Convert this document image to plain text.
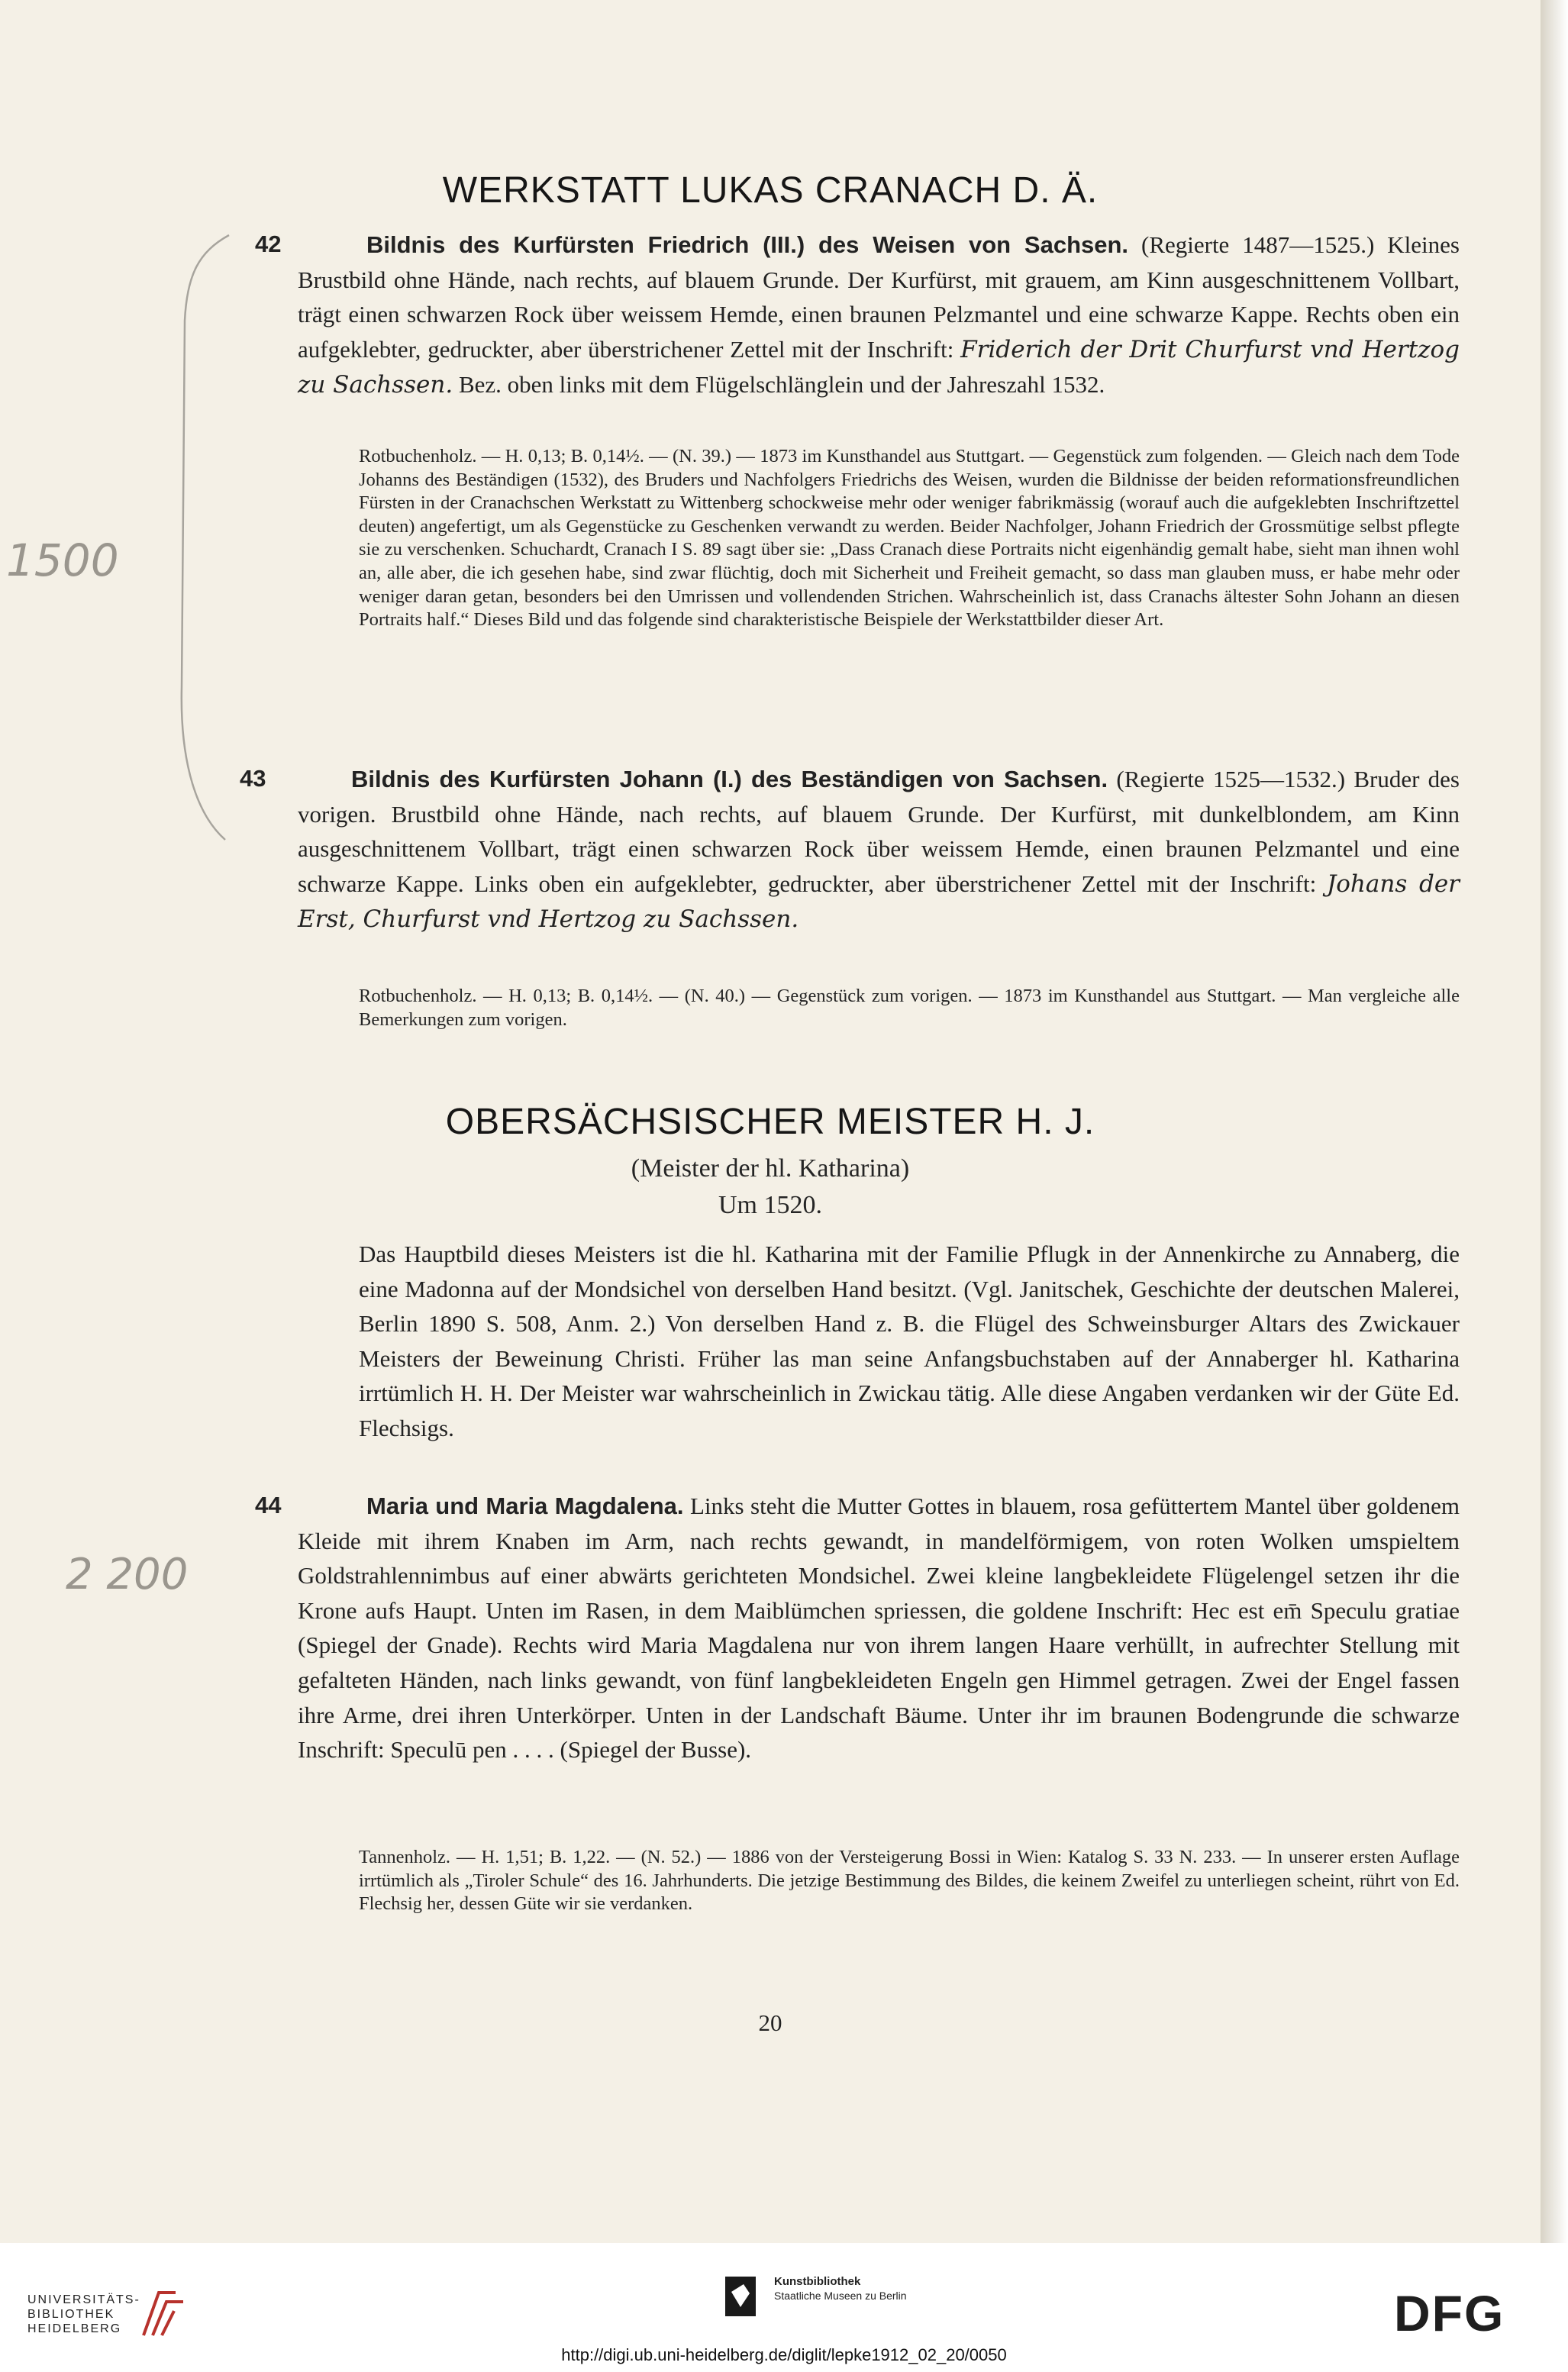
1500
2 200
WERKSTATT LUKAS CRANACH D. Ä.
42	Bildnis des Kurfürsten Friedrich (III.) des Weisen von Sachsen. (Regierte 1487—1525.) Kleines Brustbild ohne Hände, nach rechts, auf blauem Grunde. Der Kurfürst, mit grauem, am Kinn ausgeschnittenem Vollbart, trägt einen schwarzen Rock über weissem Hemde, einen braunen Pelzmantel und eine schwarze Kappe. Rechts oben ein aufgeklebter, gedruckter, aber überstrichener Zettel mit der Inschrift: Friderich der Drit Churfurst vnd Hertzog zu Sachssen. Bez. oben links mit dem Flügelschlänglein und der Jahreszahl 1532.

Rotbuchenholz. — H. 0,13; B. 0,14½. — (N. 39.) — 1873 im Kunsthandel aus Stuttgart. — Gegenstück zum folgenden. — Gleich nach dem Tode Johanns des Beständigen (1532), des Bruders und Nachfolgers Friedrichs des Weisen, wurden die Bildnisse der beiden reformationsfreundlichen Fürsten in der Cranachschen Werkstatt zu Wittenberg schockweise mehr oder weniger fabrikmässig (worauf auch die aufgeklebten Inschriftzettel deuten) angefertigt, um als Gegenstücke zu Geschenken verwandt zu werden. Beider Nachfolger, Johann Friedrich der Grossmütige selbst pflegte sie zu verschenken. Schuchardt, Cranach I S. 89 sagt über sie: „Dass Cranach diese Portraits nicht eigenhändig gemalt habe, sieht man ihnen wohl an, alle aber, die ich gesehen habe, sind zwar flüchtig, doch mit Sicherheit und Freiheit gemacht, so dass man glauben muss, er habe mehr oder weniger daran getan, besonders bei den Umrissen und vollendenden Strichen. Wahrscheinlich ist, dass Cranachs ältester Sohn Johann an diesen Portraits half.“ Dieses Bild und das folgende sind charakteristische Beispiele der Werkstattbilder dieser Art.

43	Bildnis des Kurfürsten Johann (I.) des Beständigen von Sachsen. (Regierte 1525—1532.) Bruder des vorigen. Brustbild ohne Hände, nach rechts, auf blauem Grunde. Der Kurfürst, mit dunkelblondem, am Kinn ausgeschnittenem Vollbart, trägt einen schwarzen Rock über weissem Hemde, einen braunen Pelzmantel und eine schwarze Kappe. Links oben ein aufgeklebter, gedruckter, aber überstrichener Zettel mit der Inschrift: Johans der Erst, Churfurst vnd Hertzog zu Sachssen.

Rotbuchenholz. — H. 0,13; B. 0,14½. — (N. 40.) — Gegenstück zum vorigen. — 1873 im Kunsthandel aus Stuttgart. — Man vergleiche alle Bemerkungen zum vorigen.

OBERSÄCHSISCHER MEISTER H. J.
(Meister der hl. Katharina)
Um 1520.

Das Hauptbild dieses Meisters ist die hl. Katharina mit der Familie Pflugk in der Annenkirche zu Annaberg, die eine Madonna auf der Mondsichel von derselben Hand besitzt. (Vgl. Janitschek, Geschichte der deutschen Malerei, Berlin 1890 S. 508, Anm. 2.) Von derselben Hand z. B. die Flügel des Schweinsburger Altars des Zwickauer Meisters der Beweinung Christi. Früher las man seine Anfangsbuchstaben auf der Annaberger hl. Katharina irrtümlich H. H. Der Meister war wahrscheinlich in Zwickau tätig. Alle diese Angaben verdanken wir der Güte Ed. Flechsigs.

44	Maria und Maria Magdalena. Links steht die Mutter Gottes in blauem, rosa gefüttertem Mantel über goldenem Kleide mit ihrem Knaben im Arm, nach rechts gewandt, in mandelförmigem, von roten Wolken umspieltem Goldstrahlennimbus auf einer abwärts gerichteten Mondsichel. Zwei kleine langbekleidete Flügelengel setzen ihr die Krone aufs Haupt. Unten im Rasen, in dem Maiblümchen spriessen, die goldene Inschrift: Hec est em̄ Speculu gratiae (Spiegel der Gnade). Rechts wird Maria Magdalena nur von ihrem langen Haare verhüllt, in aufrechter Stellung mit gefalteten Händen, nach links gewandt, von fünf langbekleideten Engeln gen Himmel getragen. Zwei der Engel fassen ihre Arme, drei ihren Unterkörper. Unten in der Landschaft Bäume. Unter ihr im braunen Bodengrunde die schwarze Inschrift: Speculū pen . . . . (Spiegel der Busse).

Tannenholz. — H. 1,51; B. 1,22. — (N. 52.) — 1886 von der Versteigerung Bossi in Wien: Katalog S. 33 N. 233. — In unserer ersten Auflage irrtümlich als „Tiroler Schule“ des 16. Jahrhunderts. Die jetzige Bestimmung des Bildes, die keinem Zweifel zu unterliegen scheint, rührt von Ed. Flechsig her, dessen Güte wir sie verdanken.

20
UNIVERSITÄTS-
BIBLIOTHEK
HEIDELBERG
Kunstbibliothek
Staatliche Museen zu Berlin	DFG
http://digi.ub.uni-heidelberg.de/diglit/lepke1912_02_20/0050
